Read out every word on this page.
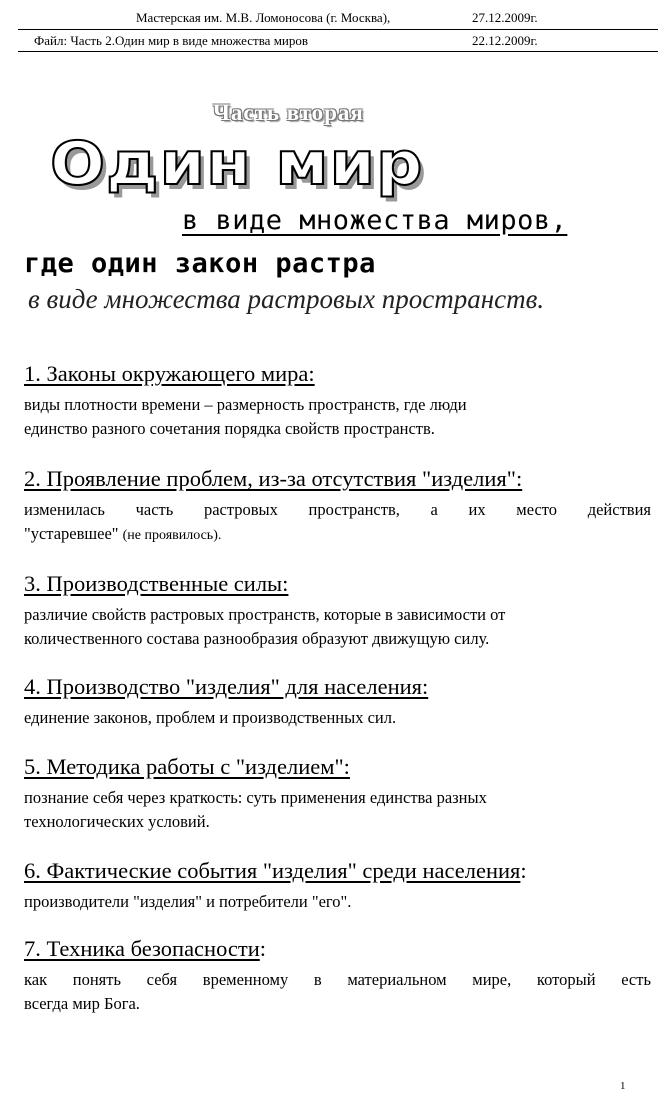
Мастерская им. М.В. Ломоносова (г. Москва),	27.12.2009г.
Файл: Часть 2.Один мир в виде множества миров	22.12.2009г.
Часть вторая
Один мир
в виде множества миров,
где один закон растра
в виде множества растровых пространств.
1. Законы окружающего мира:

виды плотности времени – размерность пространств, где люди
единство разного сочетания порядка свойств пространств.

2. Проявление проблем, из-за отсутствия "изделия":

изменилась часть растровых пространств, а их место действия
"устаревшее" (не проявилось).

3. Производственные силы:

различие свойств растровых пространств, которые в зависимости от
количественного состава разнообразия образуют движущую силу.

4. Производство "изделия" для населения:

единение законов, проблем и производственных сил.

5. Методика работы с "изделием":

познание себя через краткость: суть применения единства разных
технологических условий.

6. Фактические события "изделия" среди населения:

производители "изделия" и потребители "его".

7. Техника безопасности:

как понять себя временному в материальном мире, который есть
всегда мир Бога.

1
